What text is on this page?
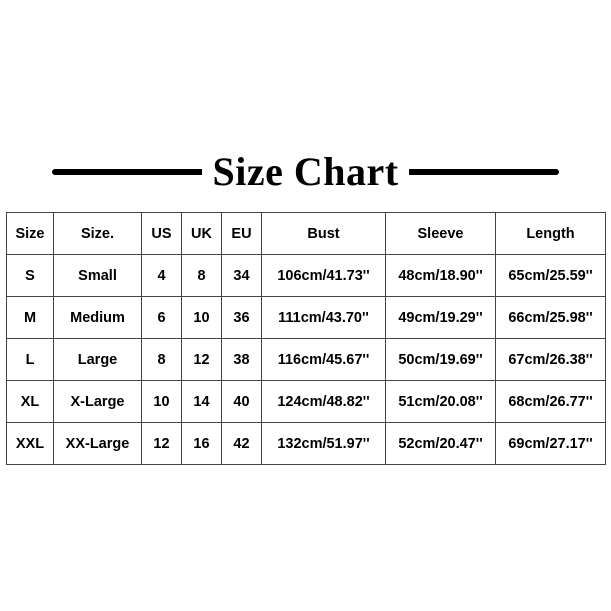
Size Chart
Size	Size.	US	UK	EU	Bust	Sleeve	Length
S	Small	4	8	34	106cm/41.73''	48cm/18.90''	65cm/25.59''
M	Medium	6	10	36	111cm/43.70''	49cm/19.29''	66cm/25.98''
L	Large	8	12	38	116cm/45.67''	50cm/19.69''	67cm/26.38''
XL	X-Large	10	14	40	124cm/48.82''	51cm/20.08''	68cm/26.77''
XXL	XX-Large	12	16	42	132cm/51.97''	52cm/20.47''	69cm/27.17''
